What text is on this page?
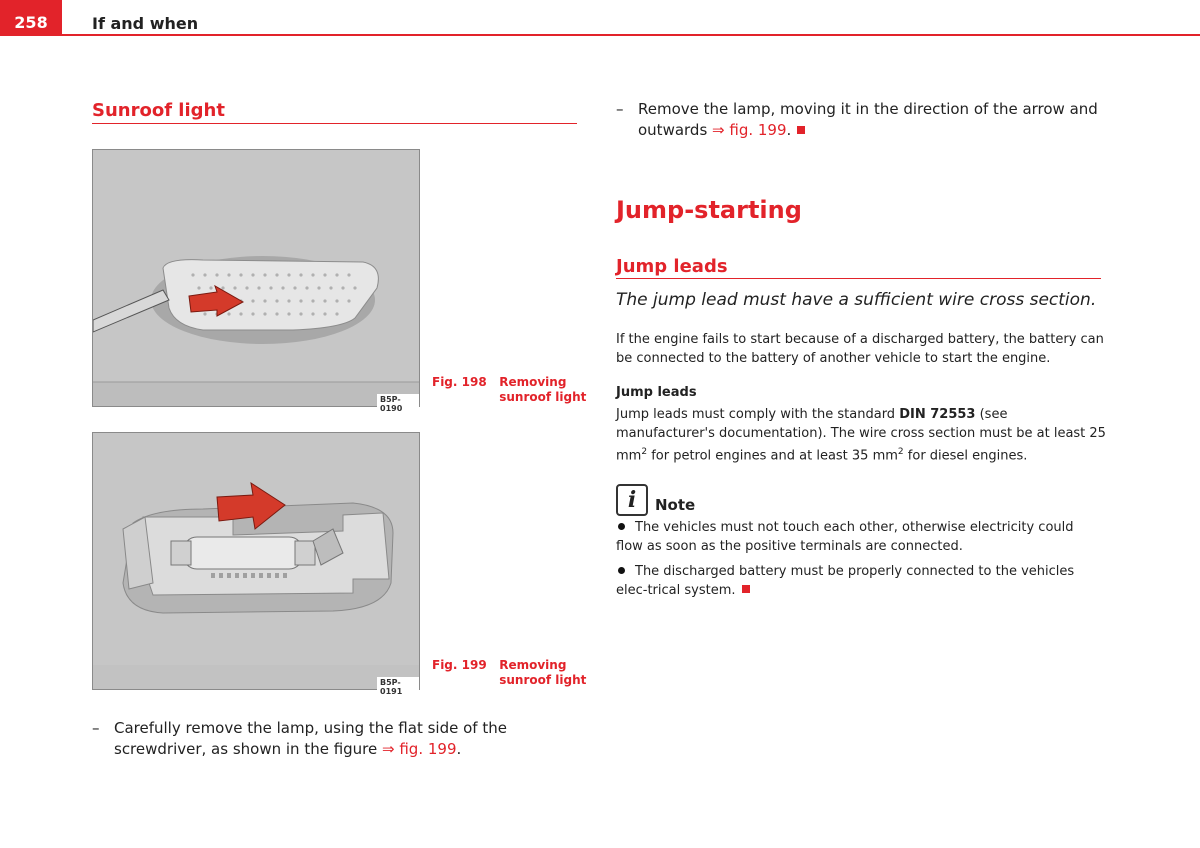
258	If and when
Sunroof light
B5P-0190
Fig. 198 Removing sunroof light
B5P-0191
Fig. 199 Removing sunroof light
– Carefully remove the lamp, using the flat side of the screwdriver, as shown in the figure ⇒ fig. 199.
– Remove the lamp, moving it in the direction of the arrow and outwards ⇒ fig. 199.
Jump-starting
Jump leads
The jump lead must have a sufficient wire cross section.
If the engine fails to start because of a discharged battery, the battery can be connected to the battery of another vehicle to start the engine.
Jump leads
Jump leads must comply with the standard DIN 72553 (see manufacturer's documentation). The wire cross section must be at least 25 $mm^2$ for petrol engines and at least 35 $mm^2$ for diesel engines.
i	Note
The vehicles must not touch each other, otherwise electricity could flow as soon as the positive terminals are connected.
The discharged battery must be properly connected to the vehicles elec-trical system.
